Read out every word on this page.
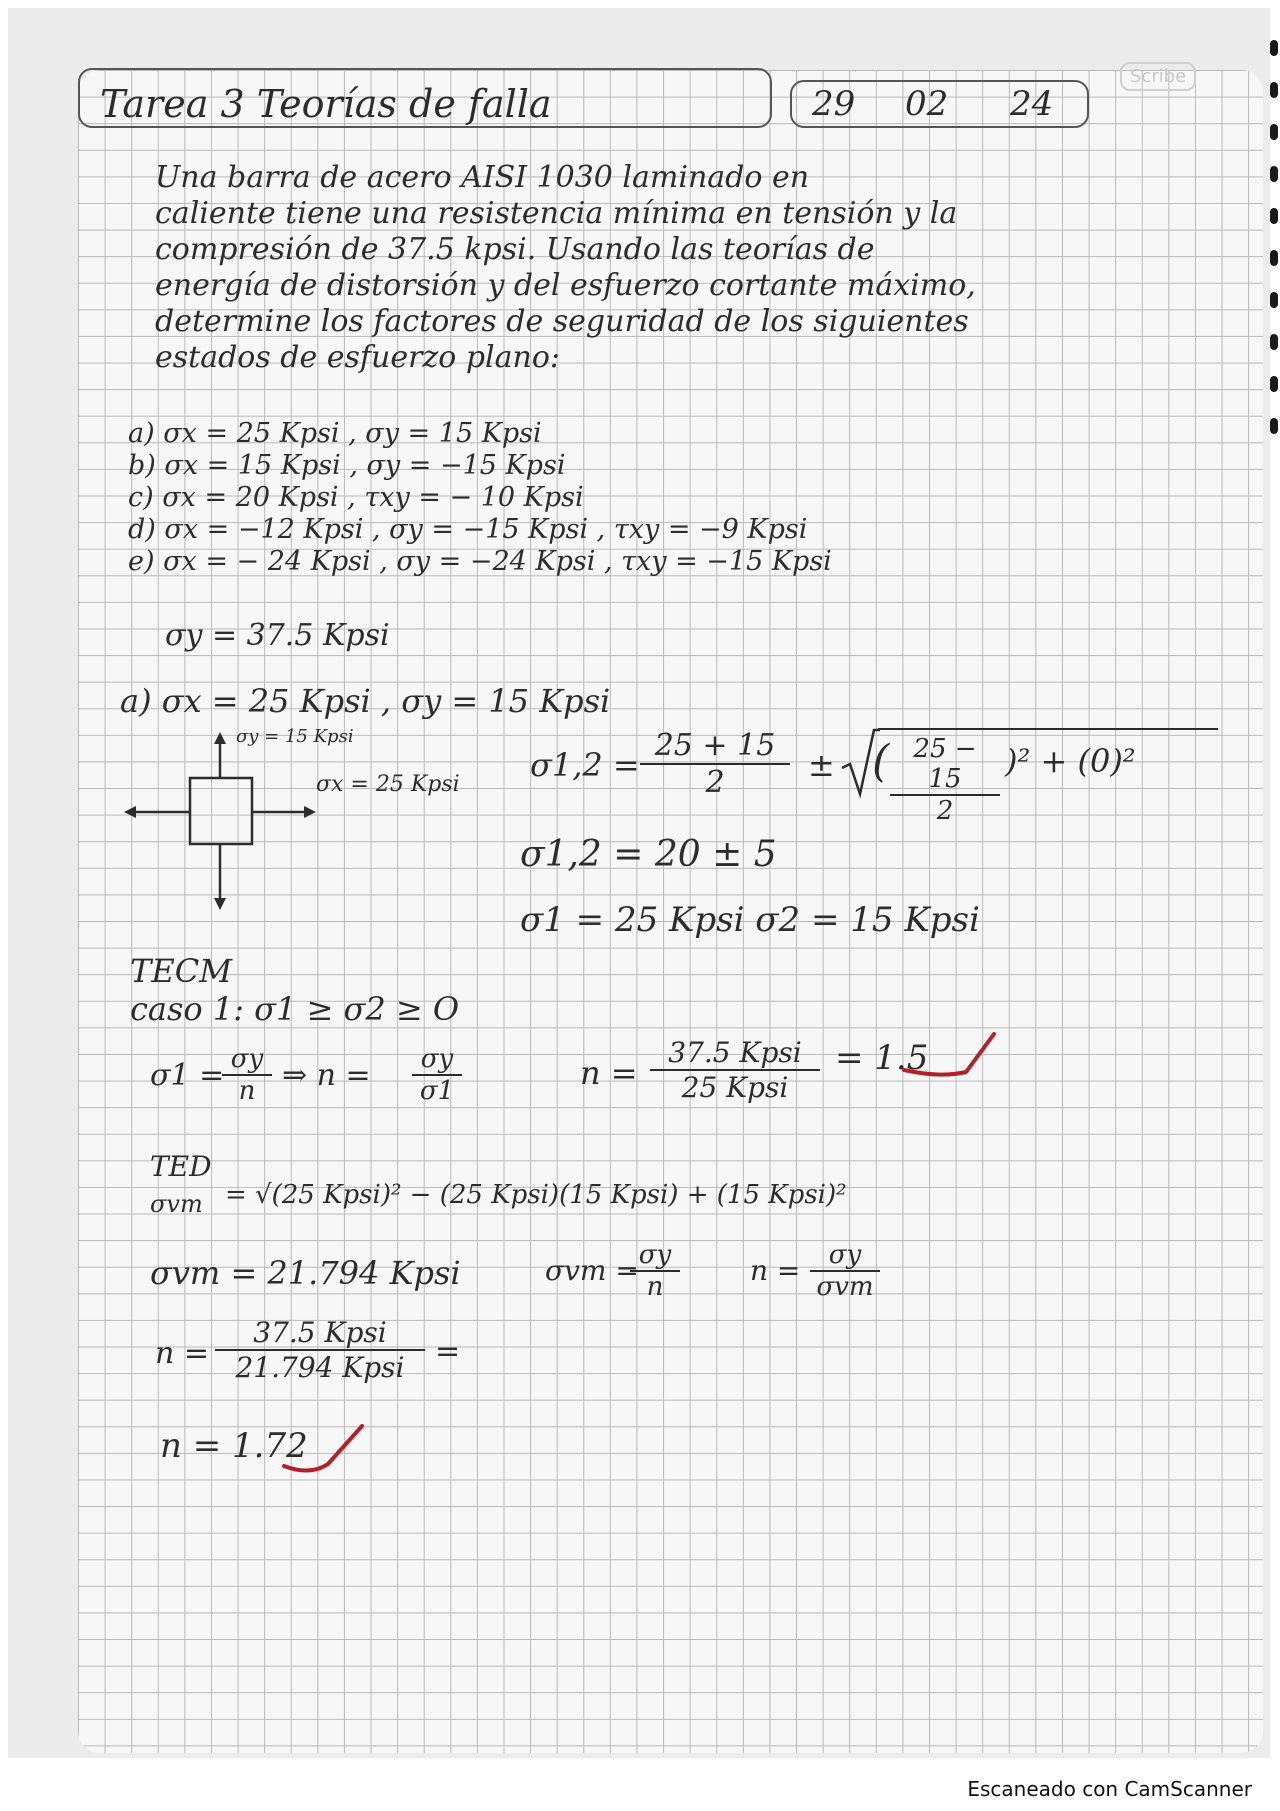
Scribe
Tarea 3 Teorías de falla	29 02 24
Una barra de acero AISI 1030 laminado en
caliente tiene una resistencia mínima en tensión y la
compresión de 37.5 kpsi. Usando las teorías de
energía de distorsión y del esfuerzo cortante máximo,
determine los factores de seguridad de los siguientes
estados de esfuerzo plano:
a) σx = 25 Kpsi , σy = 15 Kpsi
b) σx = 15 Kpsi , σy = −15 Kpsi
c) σx = 20 Kpsi , τxy = − 10 Kpsi
d) σx = −12 Kpsi , σy = −15 Kpsi , τxy = −9 Kpsi
e) σx = − 24 Kpsi , σy = −24 Kpsi , τxy = −15 Kpsi
σy = 37.5 Kpsi
a) σx = 25 Kpsi , σy = 15 Kpsi
σy = 15 Kpsi
σx = 25 Kpsi
$\sigma 1,2 = \frac{25 + 15}{2}$ ± ( $\frac{25 - 15}{2} )^2 + (0)^2$
σ1,2 = 20 ± 5
σ1 = 25 Kpsi σ2 = 15 Kpsi
TECM
caso 1: σ1 ≥ σ2 ≥ O
σ1 =
$\frac{\sigma y}{n}$ ⇒ $n = \frac{\sigma y}{\sigma 1}$	n =
37.5 Kpsi
25 Kpsi
= 1.5
TED
σvm = √(25 Kpsi)² − (25 Kpsi)(15 Kpsi) + (15 Kpsi)²
σvm = 21.794 Kpsi	σvm =
$\frac{\sigma y}{n}$	n =	σy
σvm
n =
37.5 Kpsi
21.794 Kpsi	=
n = 1.72
Escaneado con CamScanner
